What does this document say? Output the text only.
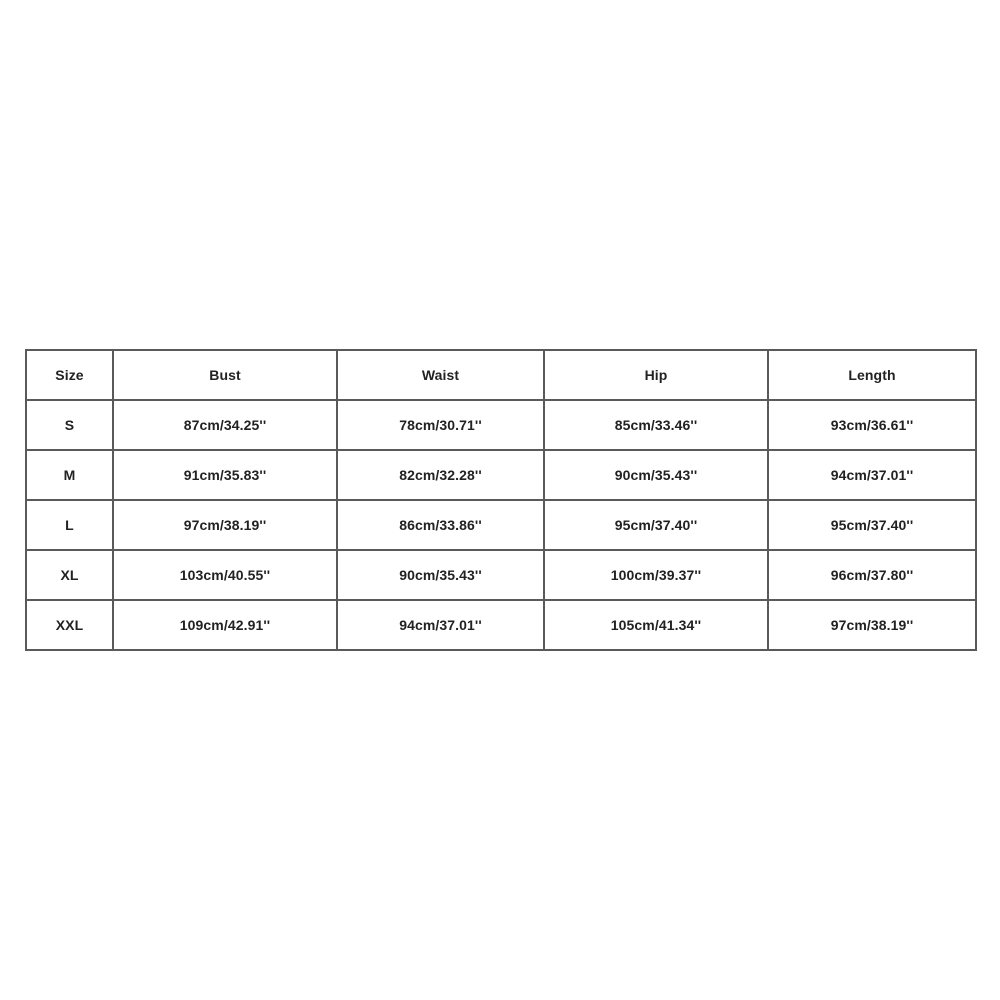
Size	Bust	Waist	Hip	Length
S	87cm/34.25''	78cm/30.71''	85cm/33.46''	93cm/36.61''
M	91cm/35.83''	82cm/32.28''	90cm/35.43''	94cm/37.01''
L	97cm/38.19''	86cm/33.86''	95cm/37.40''	95cm/37.40''
XL	103cm/40.55''	90cm/35.43''	100cm/39.37''	96cm/37.80''
XXL	109cm/42.91''	94cm/37.01''	105cm/41.34''	97cm/38.19''
